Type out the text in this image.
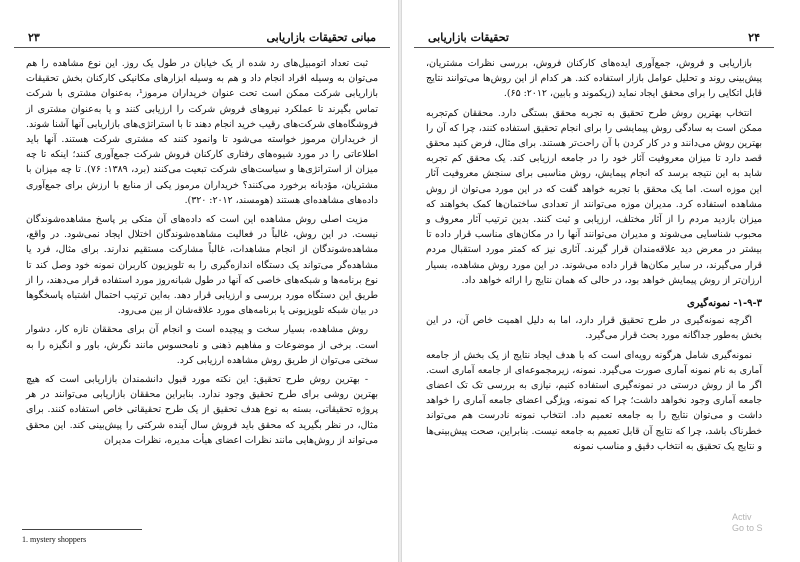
مبانی تحقیقات بازاریابی
۲۳

ثبت تعداد اتومبیل‌های رد شده از یک خیابان در طول یک روز. این نوع مشاهده را هم می‌توان به وسیله افراد انجام داد و هم به وسیله ابزارهای مکانیکی کارکنان بخش تحقیقات بازاریابی شرکت ممکن است تحت عنوان خریداران مرموز¹، به‌عنوان مشتری با شرکت تماس بگیرند تا عملکرد نیروهای فروش شرکت را ارزیابی کنند و یا به‌عنوان مشتری از فروشگاه‌های شرکت‌های رقیب خرید انجام دهند تا با استراتژی‌های بازاریابی آنها آشنا شوند. از خریداران مرموز خواسته می‌شود تا وانمود کنند که مشتری شرکت هستند. آنها باید اطلاعاتی را در مورد شیوه‌های رفتاری کارکنان فروش شرکت جمع‌آوری کنند؛ اینکه تا چه میزان از استراتژی‌ها و سیاست‌های شرکت تبعیت می‌کنند (برد، ۱۳۸۹: ۷۶). تا چه میزان با مشتریان، مؤدبانه برخورد می‌کنند؟ خریداران مرموز یکی از منابع با ارزش برای جمع‌آوری داده‌های مشاهده‌ای هستند (هومسند، ۲۰۱۲: ۳۲۰).

مزیت اصلی روش مشاهده این است که داده‌های آن متکی بر پاسخ مشاهده‌شوندگان نیست. در این روش، غالباً در فعالیت مشاهده‌شوندگان اختلال ایجاد نمی‌شود. در واقع، مشاهده‌شوندگان از انجام مشاهدات، غالباً مشارکت مستقیم ندارند. برای مثال، فرد یا مشاهده‌گر می‌تواند یک دستگاه اندازه‌گیری را به تلویزیون کاربران نمونه خود وصل کند تا نوع برنامه‌ها و شبکه‌های خاصی که آنها در طول شبانه‌روز مورد استفاده قرار می‌دهند، را از طریق این دستگاه مورد بررسی و ارزیابی قرار دهد. به‌این ترتیب احتمال اشتباه پاسخگوها در بیان شبکه تلویزیونی یا برنامه‌های مورد علاقه‌شان از بین می‌رود.

روش مشاهده، بسیار سخت و پیچیده است و انجام آن برای محققان تازه کار، دشوار است. برخی از موضوعات و مفاهیم ذهنی و نامحسوس مانند نگرش، باور و انگیزه را به سختی می‌توان از طریق روش مشاهده ارزیابی کرد.

- بهترین روش طرح تحقیق: این نکته مورد قبول دانشمندان بازاریابی است که هیچ بهترین روشی برای طرح تحقیق وجود ندارد. بنابراین محققان بازاریابی می‌توانند در هر پروژه تحقیقاتی، بسته به نوع هدف تحقیق از یک طرح تحقیقاتی خاص استفاده کنند. برای مثال، در نظر بگیرید که محقق باید فروش سال آینده شرکتی را پیش‌بینی کند. این محقق می‌تواند از روش‌هایی مانند نظرات اعضای هیأت مدیره، نظرات مدیران

1. mystery shoppers
۲۴
تحقیقات بازاریابی

بازاریابی و فروش، جمع‌آوری ایده‌های کارکنان فروش، بررسی نظرات مشتریان، پیش‌بینی روند و تحلیل عوامل بازار استفاده کند. هر کدام از این روش‌ها می‌توانند نتایج قابل اتکایی را برای محقق ایجاد نماید (زیکموند و بابین، ۲۰۱۲: ۶۵).

انتخاب بهترین روش طرح تحقیق به تجربه محقق بستگی دارد. محققان کم‌تجربه ممکن است به سادگی روش پیمایشی را برای انجام تحقیق استفاده کنند، چرا که آن را بهترین روش می‌دانند و در کار کردن با آن راحت‌تر هستند. برای مثال، فرض کنید محقق قصد دارد تا میزان معروفیت آثار خود را در جامعه ارزیابی کند. یک محقق کم تجربه شاید به این نتیجه برسد که انجام پیمایش، روش مناسبی برای سنجش معروفیت آثار این موزه است. اما یک محقق با تجربه خواهد گفت که در این مورد می‌توان از روش مشاهده استفاده کرد. مدیران موزه می‌توانند از تعدادی ساختمان‌ها کمک بخواهند که میزان بازدید مردم را از آثار مختلف، ارزیابی و ثبت کنند. بدین ترتیب آثار معروف و محبوب شناسایی می‌شوند و مدیران می‌توانند آنها را در مکان‌های مناسب قرار داده تا بیشتر در معرض دید علاقه‌مندان قرار گیرند. آثاری نیز که کمتر مورد استقبال مردم قرار می‌گیرند، در سایر مکان‌ها قرار داده می‌شوند. در این مورد روش مشاهده، بسیار ارزان‌تر از روش پیمایش خواهد بود، در حالی که همان نتایج را ارائه خواهد داد.

۱-۹-۳- نمونه‌گیری

اگرچه نمونه‌گیری در طرح تحقیق قرار دارد، اما به دلیل اهمیت خاص آن، در این بخش به‌طور جداگانه مورد بحث قرار می‌گیرد.

نمونه‌گیری شامل هرگونه رویه‌ای است که با هدف ایجاد نتایج از یک بخش از جامعه آماری به نام نمونه آماری صورت می‌گیرد. نمونه، زیرمجموعه‌ای از جامعه آماری است. اگر ما از روش درستی در نمونه‌گیری استفاده کنیم، نیازی به بررسی تک تک اعضای جامعه آماری وجود نخواهد داشت؛ چرا که نمونه، ویژگی اعضای جامعه آماری را خواهد داشت و می‌توان نتایج را به جامعه تعمیم داد. انتخاب نمونه نادرست هم می‌تواند خطرناک باشد، چرا که نتایج آن قابل تعمیم به جامعه نیست. بنابراین، صحت پیش‌بینی‌ها و نتایج یک تحقیق به انتخاب دقیق و مناسب نمونه

Activ
Go to S
